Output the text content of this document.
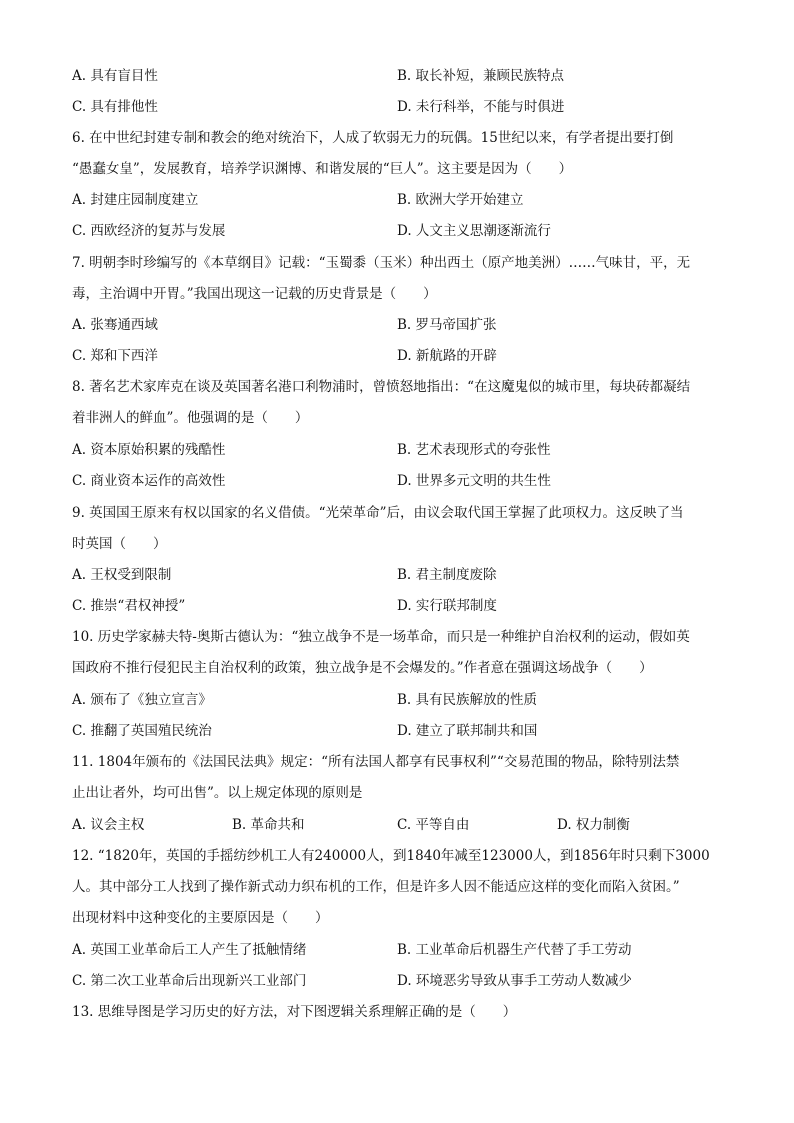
A. 具有盲目性	B. 取长补短，兼顾民族特点
C. 具有排他性	D. 未行科举，不能与时俱进
6. 在中世纪封建专制和教会的绝对统治下，人成了软弱无力的玩偶。15世纪以来，有学者提出要打倒
“愚蠢女皇”，发展教育，培养学识渊博、和谐发展的“巨人”。这主要是因为（　　）
A. 封建庄园制度建立	B. 欧洲大学开始建立
C. 西欧经济的复苏与发展	D. 人文主义思潮逐渐流行
7. 明朝李时珍编写的《本草纲目》记载：“玉蜀黍（玉米）种出西土（原产地美洲）……气味甘，平，无
毒，主治调中开胃。”我国出现这一记载的历史背景是（　　）
A. 张骞通西域	B. 罗马帝国扩张
C. 郑和下西洋	D. 新航路的开辟
8. 著名艺术家库克在谈及英国著名港口利物浦时，曾愤怒地指出：“在这魔鬼似的城市里，每块砖都凝结
着非洲人的鲜血”。他强调的是（　　）
A. 资本原始积累的残酷性	B. 艺术表现形式的夸张性
C. 商业资本运作的高效性	D. 世界多元文明的共生性
9. 英国国王原来有权以国家的名义借债。“光荣革命”后，由议会取代国王掌握了此项权力。这反映了当
时英国（　　）
A. 王权受到限制	B. 君主制度废除
C. 推崇“君权神授”	D. 实行联邦制度
10. 历史学家赫夫特-奥斯古德认为：“独立战争不是一场革命，而只是一种维护自治权利的运动，假如英
国政府不推行侵犯民主自治权利的政策，独立战争是不会爆发的。”作者意在强调这场战争（　　）
A. 颁布了《独立宣言》	B. 具有民族解放的性质
C. 推翻了英国殖民统治	D. 建立了联邦制共和国
11. 1804年颁布的《法国民法典》规定：“所有法国人都享有民事权利”“交易范围的物品，除特别法禁
止出让者外，均可出售”。以上规定体现的原则是
A. 议会主权	B. 革命共和	C. 平等自由	D. 权力制衡
12. “1820年，英国的手摇纺纱机工人有240000人，到1840年减至123000人，到1856年时只剩下3000
人。其中部分工人找到了操作新式动力织布机的工作，但是许多人因不能适应这样的变化而陷入贫困。”
出现材料中这种变化的主要原因是（　　）
A. 英国工业革命后工人产生了抵触情绪	B. 工业革命后机器生产代替了手工劳动
C. 第二次工业革命后出现新兴工业部门	D. 环境恶劣导致从事手工劳动人数减少
13. 思维导图是学习历史的好方法，对下图逻辑关系理解正确的是（　　）
